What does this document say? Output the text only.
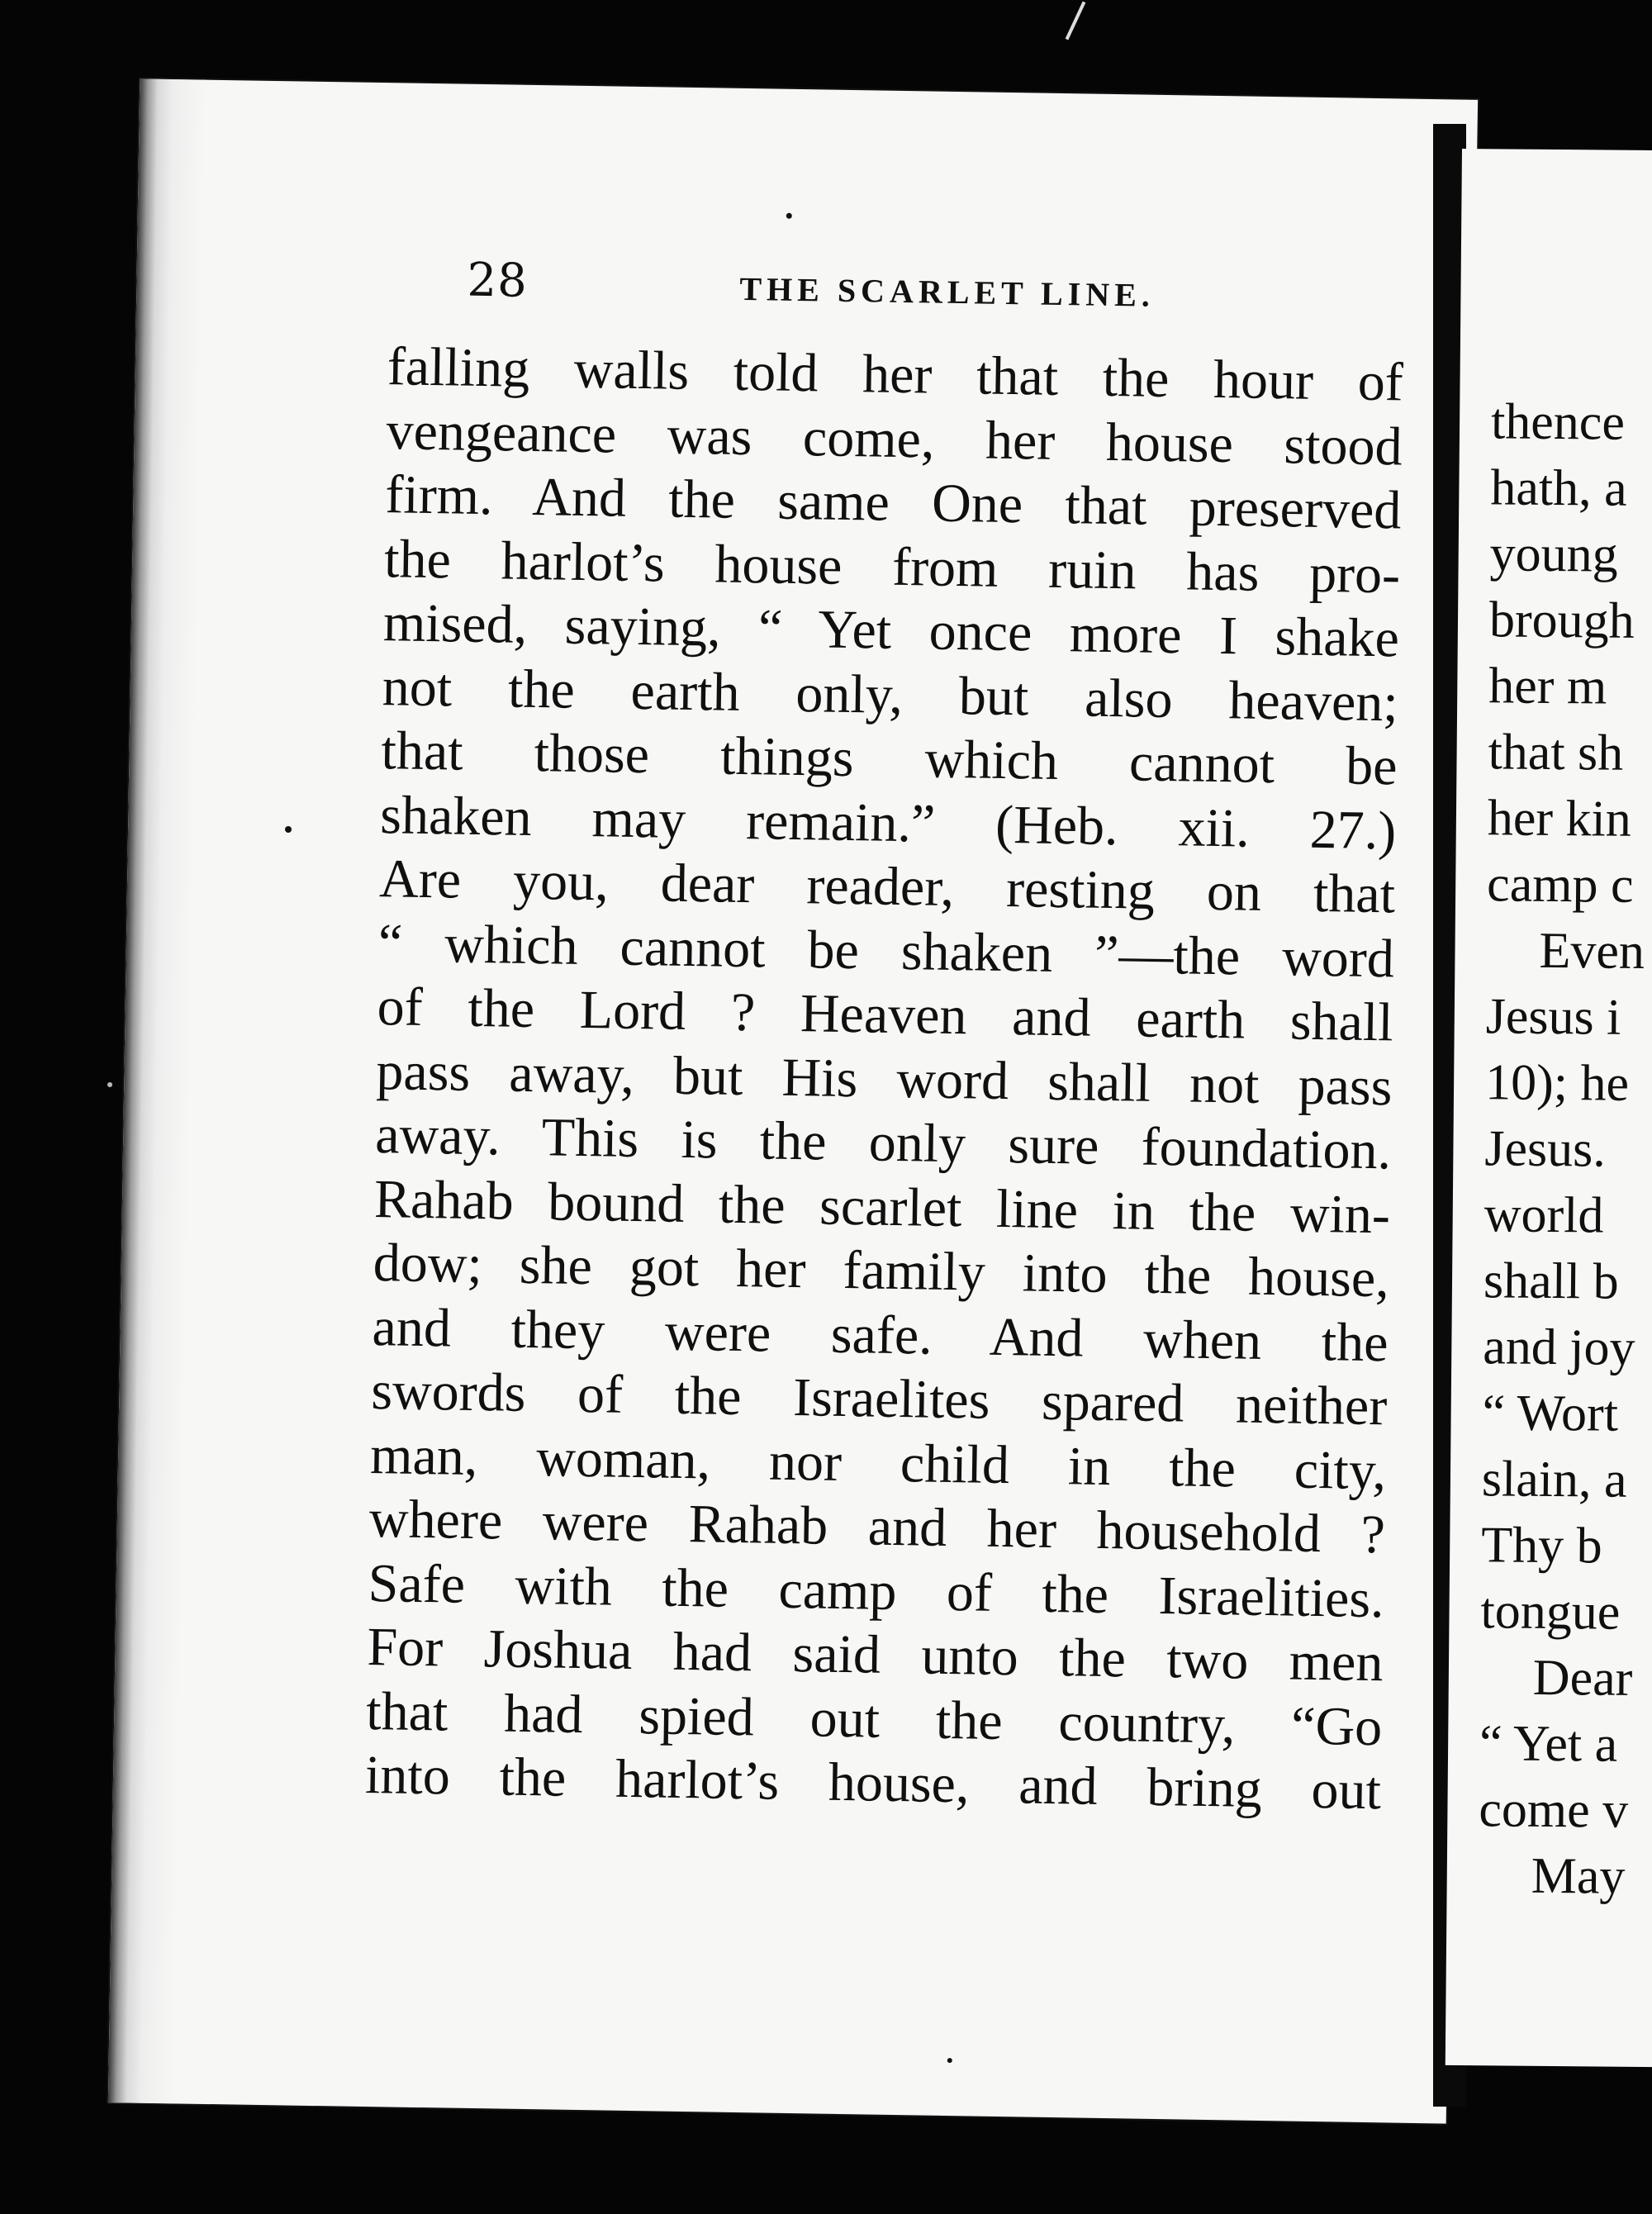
28	THE SCARLET LINE.
falling walls told her that the hour of
vengeance was come, her house stood
firm. And the same One that preserved
the harlot’s house from ruin has pro-
mised, saying, “ Yet once more I shake
not the earth only, but also heaven;
that those things which cannot be
shaken may remain.” (Heb. xii. 27.)
Are you, dear reader, resting on that
“ which cannot be shaken ”—the word
of the Lord ? Heaven and earth shall
pass away, but His word shall not pass
away. This is the only sure foundation.
Rahab bound the scarlet line in the win-
dow; she got her family into the house,
and they were safe. And when the
swords of the Israelites spared neither
man, woman, nor child in the city,
where were Rahab and her household ?
Safe with the camp of the Israelities.
For Joshua had said unto the two men
that had spied out the country, “Go
into the harlot’s house, and bring out
thence
hath, a
young
brough
her m
that sh
her kin
camp c
Even
Jesus i
10); he
Jesus.
world
shall b
and joy
“ Wort
slain, a
Thy b
tongue
Dear
“ Yet a
come v
May
